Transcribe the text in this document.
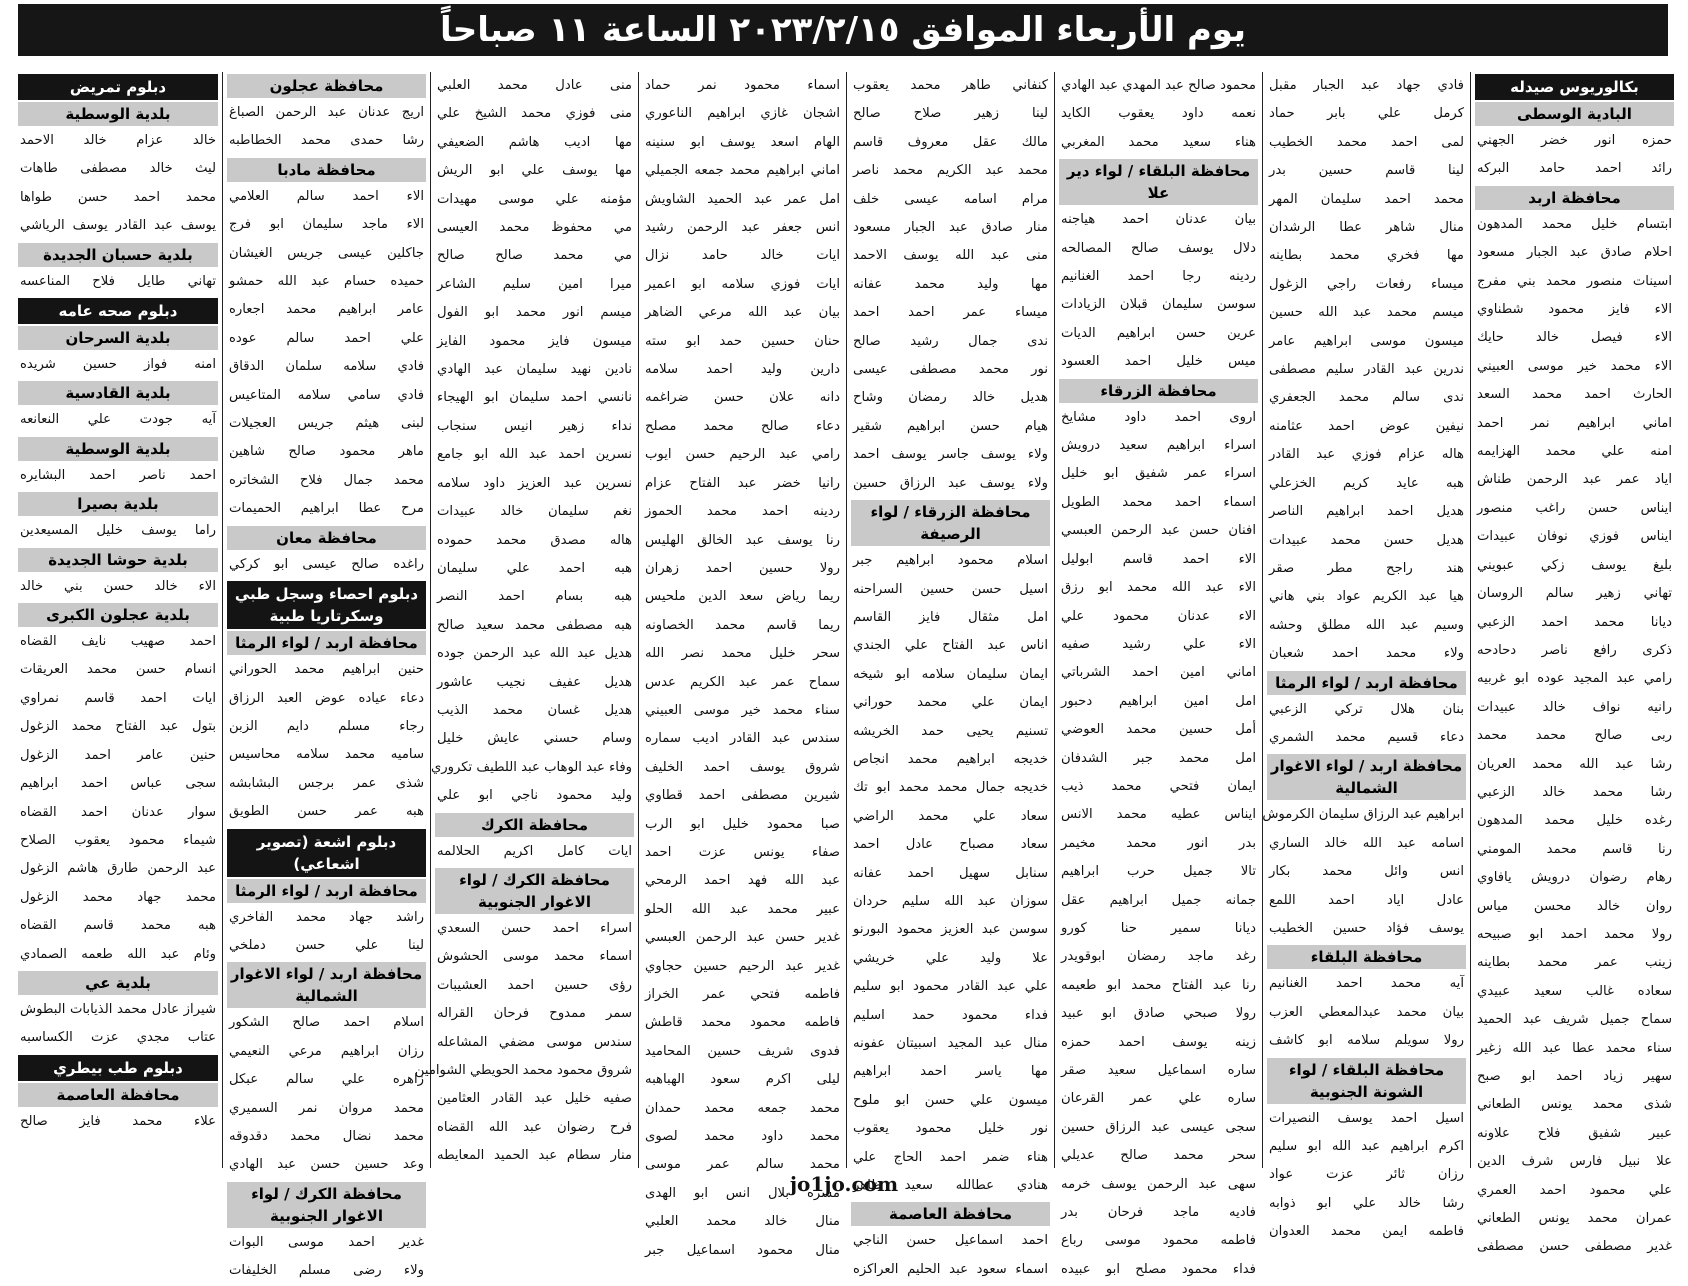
يوم الأربعاء الموافق ٢٠٢٣/٢/١٥ الساعة ١١ صباحاً
بكالوريوس صيدله
البادية الوسطى
حمزه انور خضر الجهني
رائد احمد حامد البركه
محافظة اربد
ابتسام خليل محمد المدهون
احلام صادق عبد الجبار مسعود
اسينات منصور محمد بني مفرج
الاء فايز محمود شطناوي
الاء فيصل خالد حايك
الاء محمد خير موسى العبيني
الحارث احمد محمد السعد
اماني ابراهيم نمر احمد
امنه علي محمد الهزايمه
اياد عمر عبد الرحمن طناش
ايناس حسن راغب منصور
ايناس فوزي نوفان عبيدات
بليغ يوسف زكي عبويني
تهاني زهير سالم الروسان
ديانا محمد احمد الزعبي
ذكرى رافع ناصر دحادحه
رامي عبد المجيد عوده ابو غربيه
رانيه نواف خالد عبيدات
ربى صالح محمد محمد
رشا عبد الله محمد العريان
رشا محمد خالد الزعبي
رغده خليل محمد المدهون
رنا قاسم محمد المومني
رهام رضوان درويش يافاوي
روان خالد محسن مياس
رولا محمد احمد ابو صبيحه
زينب عمر محمد بطاينه
سعاده غالب سعيد عبيدي
سماح جميل شريف عبد الحميد
سناء محمد عطا عبد الله زغير
سهير زياد احمد ابو صبح
شذى محمد يونس الطعاني
عبير شفيق فلاح علاونه
علا نبيل فارس شرف الدين
علي محمود احمد العمري
عمران محمد يونس الطعاني
غدير مصطفى حسن مصطفى
فادي جهاد عبد الجبار مقبل
كرمل علي بابر حماد
لمى احمد محمد الخطيب
لينا قاسم حسين بدر
محمد احمد سليمان المهر
منال شاهر عطا الرشدان
مها فخري محمد بطاينه
ميساء رفعات راجي الزغول
ميسم محمد عبد الله حسين
ميسون موسى ابراهيم عامر
ندرين عبد القادر سليم مصطفى
ندى سالم محمد الجعفري
نيفين عوض احمد عثامنه
هاله عزام فوزي عبد القادر
هبه عايد كريم الخزعلي
هديل احمد ابراهيم الناصر
هديل حسن محمد عبيدات
هند راجح مطر صقر
هيا عبد الكريم عواد بني هاني
وسيم عبد الله مطلق وحشه
ولاء محمد احمد شعبان
محافظة اربد / لواء الرمثا
بنان هلال تركي الزعبي
دعاء قسيم محمد الشمري
محافظة اربد / لواء الاغوار الشمالية
ابراهيم عبد الرزاق سليمان الكرموش
اسامه عبد الله خالد الساري
انس وائل محمد بكار
عادل اياد احمد اللمع
يوسف فؤاد حسين الخطيب
محافظة البلقاء
آيه محمد احمد الغنانيم
بيان محمد عبدالمعطي العزب
رولا سويلم سلامه ابو كاشف
محافظة البلقاء / لواء الشونة الجنوبية
اسيل احمد يوسف النصيرات
اكرم ابراهيم عبد الله ابو سليم
رزان ثائر عزت عواد
رشا خالد علي ابو ذوابه
فاطمه ايمن محمد العدوان
محمود صالح عبد المهدي عبد الهادي
نعمه داود يعقوب الكايد
هناء سعيد محمد المغربي
محافظة البلقاء / لواء دير علا
بيان عدنان احمد هياجنه
دلال يوسف صالح المصالحه
ردينه رجا احمد الغنانيم
سوسن سليمان قبلان الزيادات
عرين حسن ابراهيم الديات
ميس خليل احمد العسود
محافظة الزرقاء
اروى احمد داود مشايخ
اسراء ابراهيم سعيد درويش
اسراء عمر شفيق ابو خليل
اسماء احمد محمد الطويل
افنان حسن عبد الرحمن العبسي
الاء احمد قاسم ابوليل
الاء عبد الله محمد ابو رزق
الاء عدنان محمود علي
الاء علي رشيد صفيه
اماني امين احمد الشرباتي
امل امين ابراهيم دحبور
أمل حسين محمد العوضي
امل محمد جبر الشدفان
ايمان فتحي محمد ذيب
ايناس عطيه محمد الانس
بدر انور محمد مخيمر
تالا جميل حرب ابراهيم
جمانه جميل ابراهيم عقل
ديانا سمير حنا كورو
رغد ماجد رمضان ابوقويدر
رنا عبد الفتاح محمد ابو طعيمه
رولا صبحي صادق ابو عبيد
زينه يوسف احمد حمزه
ساره اسماعيل سعيد صقر
ساره علي عمر القرعان
سجى عيسى عبد الرزاق حسين
سحر محمد صالح عديلي
سهى عبد الرحمن يوسف خرمه
فاديه ماجد فرحان بدر
فاطمه محمود موسى رباع
فداء محمود مصلح ابو عبيده
كنفاني طاهر محمد يعقوب
لينا زهير صلاح صالح
مالك عقل معروف قاسم
محمد عبد الكريم محمد ناصر
مرام اسامه عيسى خلف
منار صادق عبد الجبار مسعود
منى عبد الله يوسف الاحمد
مها وليد محمد عفانه
ميساء عمر احمد احمد
ندى جمال رشيد صالح
نور محمد مصطفى عيسى
هديل خالد رمضان وشاح
هيام حسن ابراهيم شقير
ولاء يوسف جاسر يوسف احمد
ولاء يوسف عبد الرزاق حسين
محافظة الزرقاء / لواء الرصيفة
اسلام محمود ابراهيم جبر
اسيل حسن حسين السراحنه
امل مثقال فايز القاسم
اناس عبد الفتاح علي الجندي
ايمان سليمان سلامه ابو شيخه
ايمان علي محمد حوراني
تسنيم يحيى حمد الخريشه
خديجه ابراهيم محمد انجاص
خديجه جمال محمد محمد ابو تك
سعاد علي محمد الراضي
سعاد مصباح عادل احمد
سنابل سهيل احمد عفانه
سوزان عبد الله سليم حردان
سوسن عبد العزيز محمود البورنو
علا وليد علي خريشي
علي عبد القادر محمود ابو سليم
فداء محمود حمد اسليم
منال عبد المجيد اسبيتان عفونه
مها ياسر احمد ابراهيم
ميسون علي حسن ابو ملوح
نور خليل محمود يعقوب
هناء ضمر احمد الحاج علي
هنادي عطالله سعيد ظاهر
محافظة العاصمة
احمد اسماعيل حسن الناجي
اسماء سعود عبد الحليم العراكزه
اسماء محمود نمر حماد
اشجان غازي ابراهيم الناعوري
الهام اسعد يوسف ابو سنينه
اماني ابراهيم محمد جمعه الجميلي
امل عمر عبد الحميد الشاويش
انس جعفر عبد الرحمن رشيد
ايات خالد حامد نزال
ايات فوزي سلامه ابو اعمير
بيان عبد الله مرعي الضاهر
حنان حسين حمد ابو سته
دارين وليد احمد سلامه
دانه علان حسن ضراغمه
دعاء صالح محمد مصلح
رامي عبد الرحيم حسن ايوب
رانيا خضر عبد الفتاح عزام
ردينه احمد محمد الحموز
رنا يوسف عبد الخالق الهليس
رولا حسين احمد زهران
ريما رياض سعد الدين ملحيس
ريما قاسم محمد الخصاونه
سحر خليل محمد نصر الله
سماح عمر عبد الكريم عدس
سناء محمد خير موسى العبيني
سندس عبد القادر اديب سماره
شروق يوسف احمد الخليف
شيرين مصطفى احمد قطاوي
صبا محمود خليل ابو الرب
صفاء يونس عزت احمد
عبد الله فهد احمد الرمحي
عبير محمد عبد الله الحلو
غدير حسن عبد الرحمن العبسي
غدير عبد الرحيم حسين حجاوي
فاطمه فتحي عمر الخراز
فاطمه محمود محمد قاطش
فدوى شريف حسين المحاميد
ليلى اكرم سعود الهباهبه
محمد جمعه محمد حمدان
محمد داود محمد لصوى
محمد سالم عمر موسى
مسره بلال انس ابو الهدى
منال خالد محمد العلبي
منال محمود اسماعيل جبر
منى عادل محمد العلبي
منى فوزي محمد الشيخ علي
مها اديب هاشم الضعيفي
مها يوسف علي ابو الريش
مؤمنه علي موسى مهيدات
مي محفوظ محمد العيسى
مي محمد صالح صالح
ميرا امين سليم الشاعر
ميسم انور محمد ابو الفول
ميسون فايز محمود الفايز
نادين نهيد سليمان عبد الهادي
نانسي احمد سليمان ابو الهيجاء
نداء زهير انيس سنجاب
نسرين احمد عبد الله ابو جامع
نسرين عبد العزيز داود سلامه
نغم سليمان خالد عبيدات
هاله مصدق محمد حموده
هبه احمد علي سليمان
هبه بسام احمد النصر
هبه مصطفى محمد سعيد صالح
هديل عبد الله عبد الرحمن جوده
هديل عفيف نجيب عاشور
هديل غسان محمد الذيب
وسام حسني عايش خليل
وفاء عبد الوهاب عبد اللطيف تكروري
وليد محمود ناجي ابو علي
محافظة الكرك
ايات كامل اكريم الحلالمه
محافظة الكرك / لواء الاغوار الجنوبية
اسراء احمد حسن السعدي
اسماء محمد موسى الحشوش
رؤى حسين احمد العشيبات
سمر ممدوح فرحان القراله
سندس موسى مضفي المشاعله
شروق محمود محمد الحويطي الشوامين
صفيه خليل عبد القادر العثامين
فرح رضوان عبد الله القضاه
منار سطام عبد الحميد المعايطه
محافظة عجلون
اريج عدنان عبد الرحمن الصباغ
رشا حمدى محمد الخطاطبه
محافظة مادبا
الاء احمد سالم العلامي
الاء ماجد سليمان ابو فرج
جاكلين عيسى جريس الغيشان
حميده حسام عبد الله حمشو
عامر ابراهيم محمد اجعاره
علي احمد سالم عوده
فادي سلامه سلمان الدقاق
فادي سامي سلامه المتاعيس
لبنى هيثم جريس العجيلات
ماهر محمود صالح شاهين
محمد جمال فلاح الشخاتره
مرح عطا ابراهيم الحميمات
محافظة معان
راغده صالح عيسى ابو كركي
دبلوم احصاء وسجل طبي وسكرتاريا طبية
محافظة اربد / لواء الرمثا
حنين ابراهيم محمد الحوراني
دعاء عياده عوض العبد الرزاق
رجاء مسلم دايم الزبن
ساميه محمد سلامه محاسيس
شذى عمر برجس البشابشه
هبه عمر حسن الطويق
دبلوم اشعة (تصوير اشعاعي)
محافظة اربد / لواء الرمثا
راشد جهاد محمد الفاخري
لينا علي حسن دملخي
محافظة اربد / لواء الاغوار الشمالية
اسلام احمد صالح الشكور
رزان ابراهيم مرعي النعيمي
زاهره علي سالم عبكل
محمد مروان نمر السميري
محمد نضال محمد دقدوقه
وعد حسين حسن عبد الهادي
محافظة الكرك / لواء الاغوار الجنوبية
غدير احمد موسى البوات
ولاء رضى مسلم الخليفات
دبلوم تمريض
بلدية الوسطية
خالد عزام خالد الاحمد
ليث خالد مصطفى طاهات
محمد احمد حسن طواها
يوسف عبد القادر يوسف الرياشي
بلدية حسبان الجديدة
تهاني طايل فلاح المناعسه
دبلوم صحه عامه
بلدية السرحان
امنه فواز حسين شريده
بلدية القادسية
آيه جودت علي النعانعه
بلدية الوسطية
احمد ناصر احمد البشايره
بلدية بصيرا
راما يوسف خليل المسيعدين
بلدية حوشا الجديدة
الاء خالد حسن بني خالد
بلدية عجلون الكبرى
احمد صهيب نايف القضاه
انسام حسن محمد العريقات
ايات احمد قاسم نمراوي
بتول عبد الفتاح محمد الزغول
حنين عامر احمد الزغول
سجى عباس احمد ابراهيم
سوار عدنان احمد القضاه
شيماء محمود يعقوب الصلاح
عبد الرحمن طارق هاشم الزغول
محمد جهاد محمد الزغول
هبه محمد قاسم القضاه
وئام عبد الله طعمه الصمادي
بلدية عي
شيراز عادل محمد الذيابات البطوش
عتاب مجدي عزت الكساسبه
دبلوم طب بيطري
محافظة العاصمة
علاء محمد فايز صالح
jo1jo.com
